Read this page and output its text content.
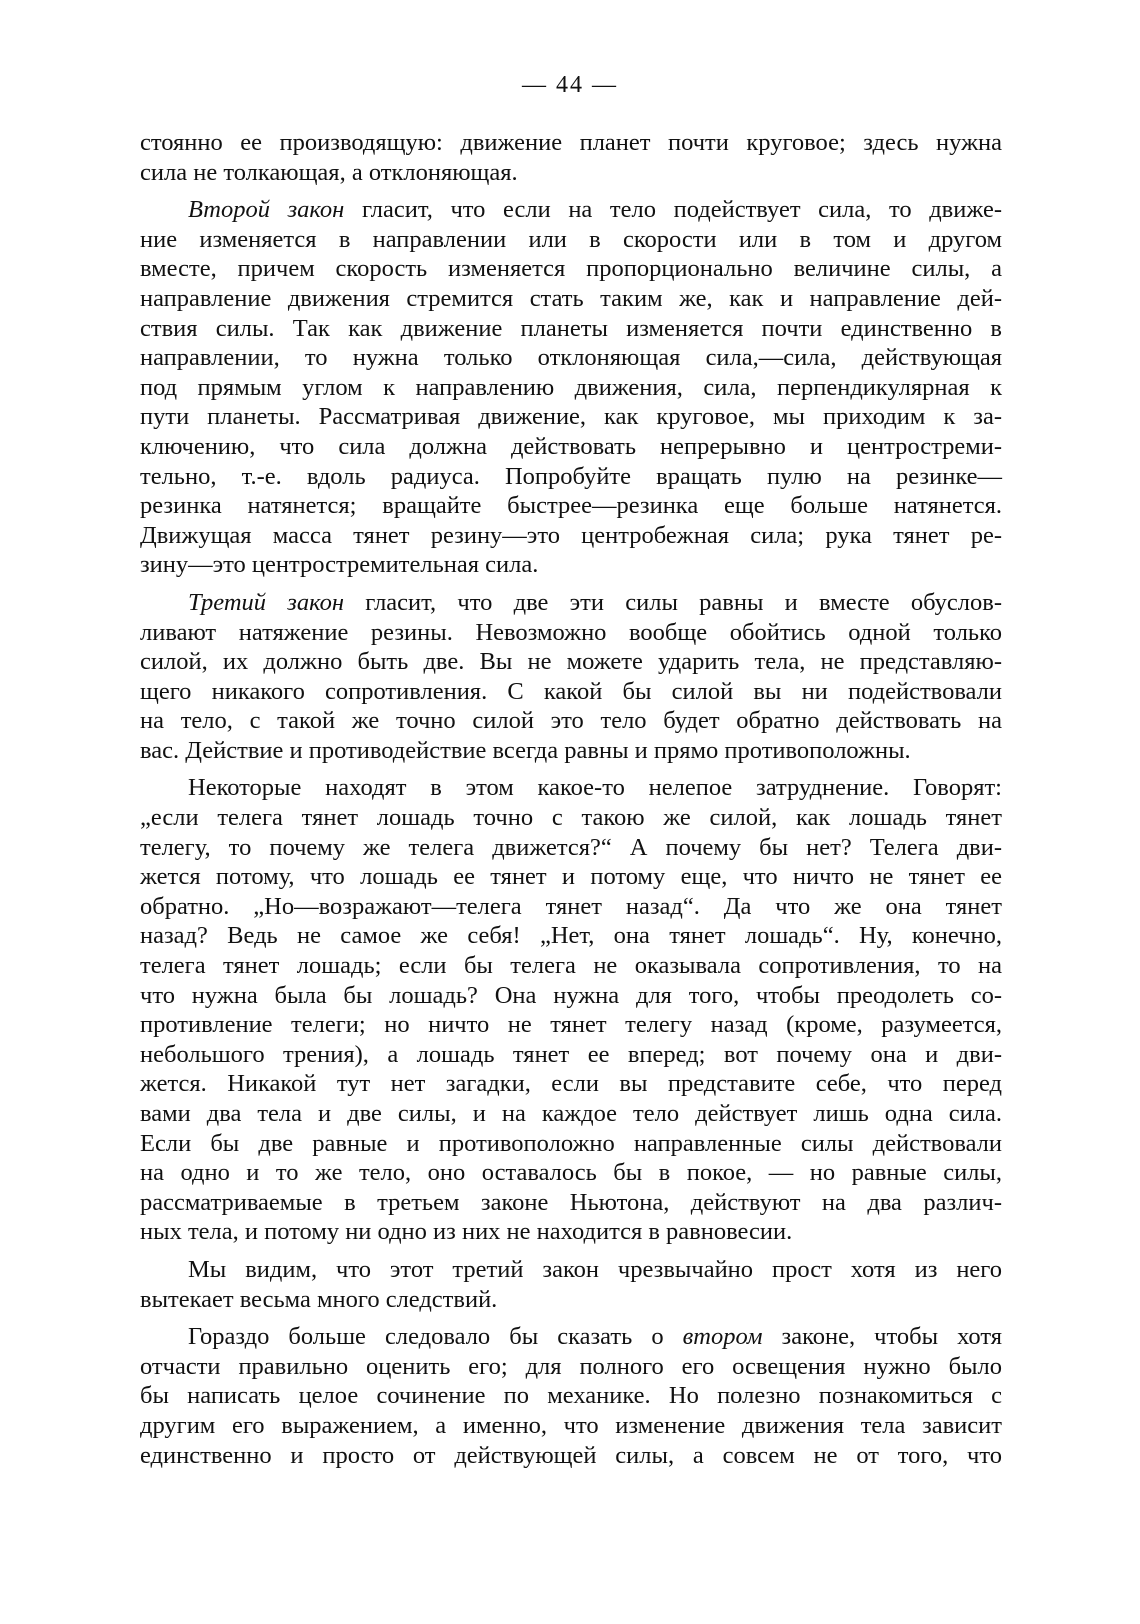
— 44 —
стоянно ее производящую: движение планет почти круговое; здесь нужна
сила не толкающая, а отклоняющая.
Второй закон гласит, что если на тело подействует сила, то движе-
ние изменяется в направлении или в скорости или в том и другом
вместе, причем скорость изменяется пропорционально величине силы, а
направление движения стремится стать таким же, как и направление дей-
ствия силы. Так как движение планеты изменяется почти единственно в
направлении, то нужна только отклоняющая сила,—сила, действующая
под прямым углом к направлению движения, сила, перпендикулярная к
пути планеты. Рассматривая движение, как круговое, мы приходим к за-
ключению, что сила должна действовать непрерывно и центростреми-
тельно, т.-е. вдоль радиуса. Попробуйте вращать пулю на резинке—
резинка натянется; вращайте быстрее—резинка еще больше натянется.
Движущая масса тянет резину—это центробежная сила; рука тянет ре-
зину—это центростремительная сила.
Третий закон гласит, что две эти силы равны и вместе обуслов-
ливают натяжение резины. Невозможно вообще обойтись одной только
силой, их должно быть две. Вы не можете ударить тела, не представляю-
щего никакого сопротивления. С какой бы силой вы ни подействовали
на тело, с такой же точно силой это тело будет обратно действовать на
вас. Действие и противодействие всегда равны и прямо противоположны.
Некоторые находят в этом какое-то нелепое затруднение. Говорят:
„если телега тянет лошадь точно с такою же силой, как лошадь тянет
телегу, то почему же телега движется?“ А почему бы нет? Телега дви-
жется потому, что лошадь ее тянет и потому еще, что ничто не тянет ее
обратно. „Но—возражают—телега тянет назад“. Да что же она тянет
назад? Ведь не самое же себя! „Нет, она тянет лошадь“. Ну, конечно,
телега тянет лошадь; если бы телега не оказывала сопротивления, то на
что нужна была бы лошадь? Она нужна для того, чтобы преодолеть со-
противление телеги; но ничто не тянет телегу назад (кроме, разумеется,
небольшого трения), а лошадь тянет ее вперед; вот почему она и дви-
жется. Никакой тут нет загадки, если вы представите себе, что перед
вами два тела и две силы, и на каждое тело действует лишь одна сила.
Если бы две равные и противоположно направленные силы действовали
на одно и то же тело, оно оставалось бы в покое, — но равные силы,
рассматриваемые в третьем законе Ньютона, действуют на два различ-
ных тела, и потому ни одно из них не находится в равновесии.
Мы видим, что этот третий закон чрезвычайно прост хотя из него
вытекает весьма много следствий.
Гораздо больше следовало бы сказать о втором законе, чтобы хотя
отчасти правильно оценить его; для полного его освещения нужно было
бы написать целое сочинение по механике. Но полезно познакомиться с
другим его выражением, а именно, что изменение движения тела зависит
единственно и просто от действующей силы, а совсем не от того, что
